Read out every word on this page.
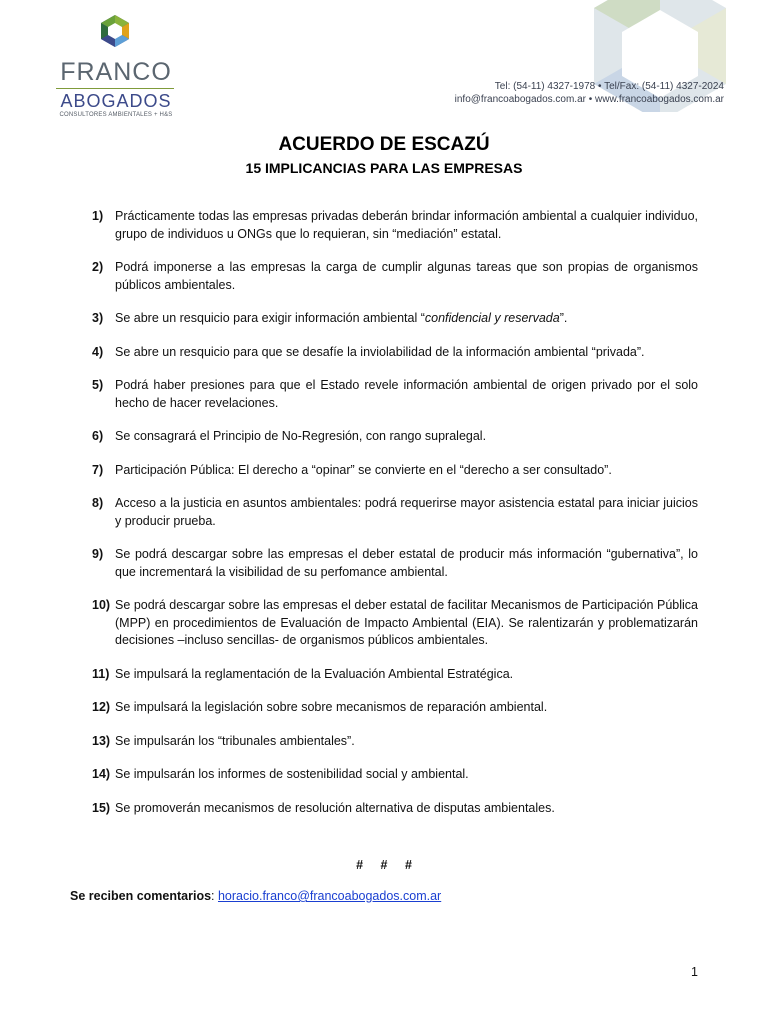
FRANCO
ABOGADOS
CONSULTORES AMBIENTALES + H&S
Tel: (54-11) 4327-1978 • Tel/Fax: (54-11) 4327-2024
info@francoabogados.com.ar • www.francoabogados.com.ar
ACUERDO DE ESCAZÚ
15 IMPLICANCIAS PARA LAS EMPRESAS
1) Prácticamente todas las empresas privadas deberán brindar información ambiental a cualquier individuo, grupo de individuos u ONGs que lo requieran, sin “mediación” estatal.
2) Podrá imponerse a las empresas la carga de cumplir algunas tareas que son propias de organismos públicos ambientales.
3) Se abre un resquicio para exigir información ambiental “confidencial y reservada”.
4) Se abre un resquicio para que se desafíe la inviolabilidad de la información ambiental “privada”.
5) Podrá haber presiones para que el Estado revele información ambiental de origen privado por el solo hecho de hacer revelaciones.
6) Se consagrará el Principio de No-Regresión, con rango supralegal.
7) Participación Pública: El derecho a “opinar” se convierte en el “derecho a ser consultado”.
8) Acceso a la justicia en asuntos ambientales: podrá requerirse mayor asistencia estatal para iniciar juicios y producir prueba.
9) Se podrá descargar sobre las empresas el deber estatal de producir más información “gubernativa”, lo que incrementará la visibilidad de su perfomance ambiental.
10) Se podrá descargar sobre las empresas el deber estatal de facilitar Mecanismos de Participación Pública (MPP) en procedimientos de Evaluación de Impacto Ambiental (EIA). Se ralentizarán y problematizarán decisiones –incluso sencillas- de organismos públicos ambientales.
11) Se impulsará la reglamentación de la Evaluación Ambiental Estratégica.
12) Se impulsará la legislación sobre sobre mecanismos de reparación ambiental.
13) Se impulsarán los “tribunales ambientales”.
14) Se impulsarán los informes de sostenibilidad social y ambiental.
15) Se promoverán mecanismos de resolución alternativa de disputas ambientales.
# # #
Se reciben comentarios: horacio.franco@francoabogados.com.ar
1
